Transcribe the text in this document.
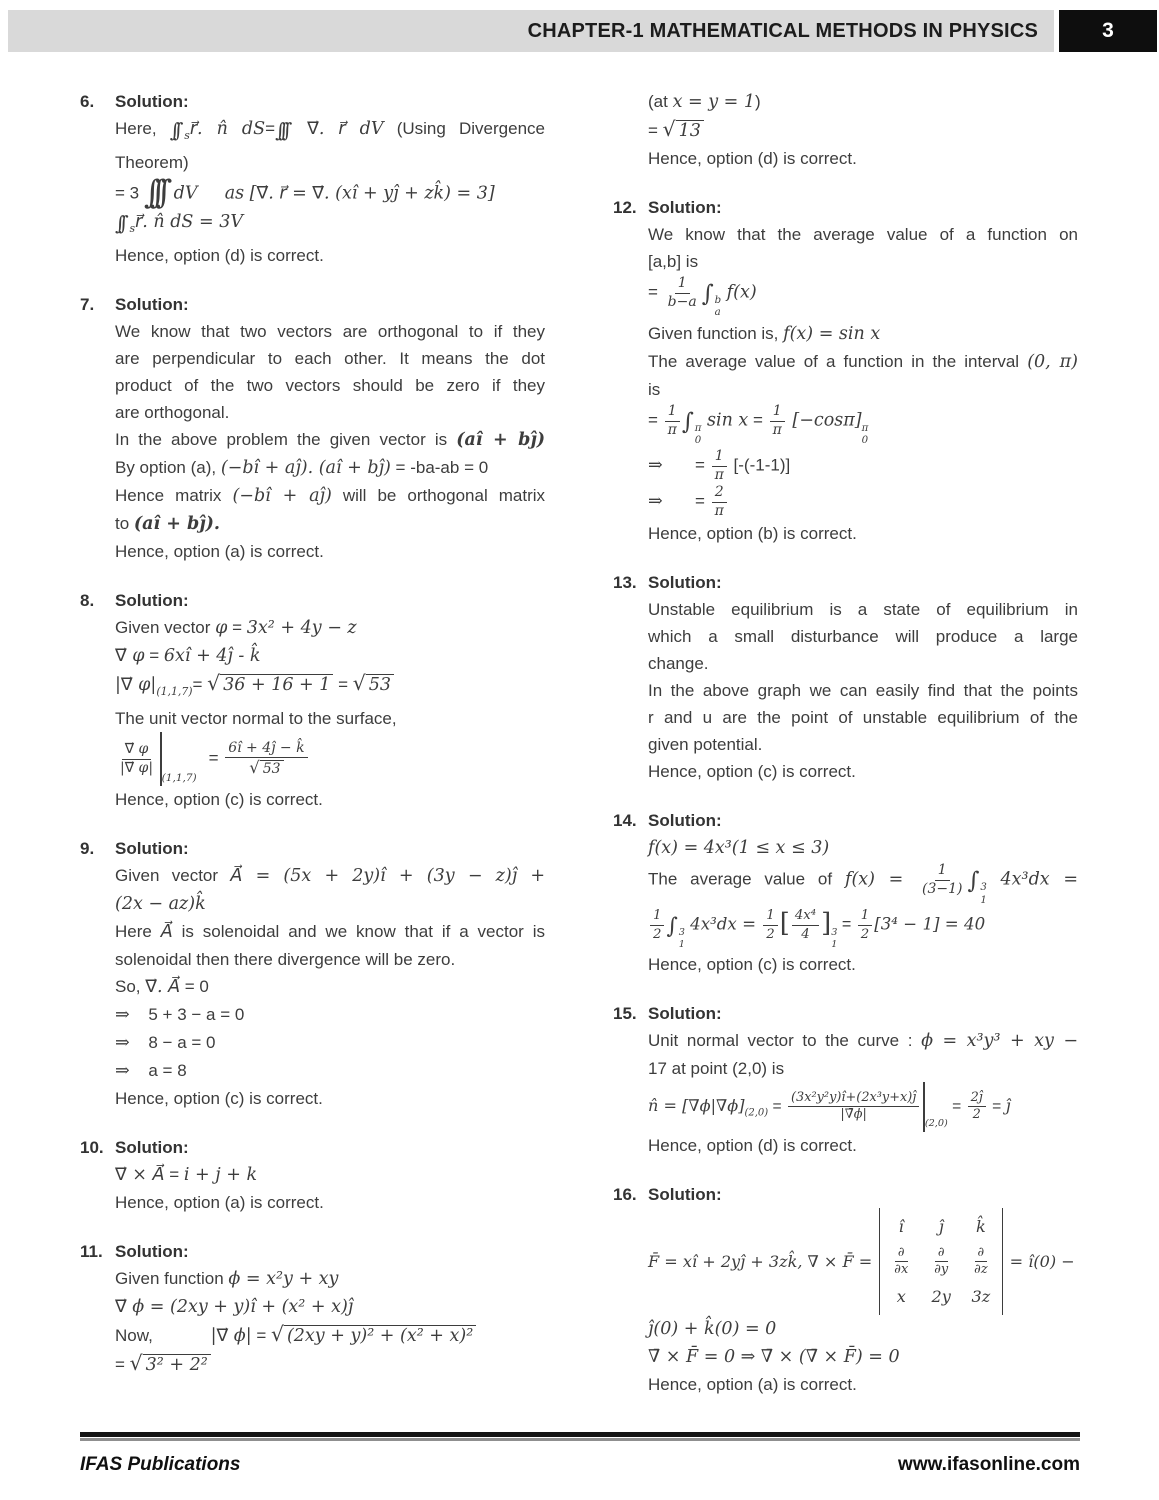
CHAPTER-1 MATHEMATICAL METHODS IN PHYSICS	3
6.	Solution:
Here, ∫∫ $_s$r⃗. n̂ dS=∫∫∫ ∇⃗. r⃗ dV (Using Divergence
Theorem)
= 3 ∫∫∫ dV as [∇⃗. r⃗ = ∇⃗. (xî + yĵ + zk̂) = 3]
∫∫ $_s$r⃗. n̂ dS = 3V
Hence, option (d) is correct.
7.	Solution:
We know that two vectors are orthogonal to if they
are perpendicular to each other. It means the dot
product of the two vectors should be zero if they
are orthogonal.
In the above problem the given vector is (aî + bĵ)
By option (a), (−bî + aĵ). (aî + bĵ) = -ba-ab = 0
Hence matrix (−bî + aĵ) will be orthogonal matrix
to (aî + bĵ).
Hence, option (a) is correct.
8.	Solution:
Given vector φ = 3x² + 4y − z
∇⃗ φ = 6xî + 4ĵ - k̂
|∇⃗ $\varphi|_{(1,1,7)}=$ √ 36 + 16 + 1 = √ 53
The unit vector normal to the surface,
$\frac{\nabla⃗ \varphi}{|\nabla⃗ \varphi|}$
(1,1,7)
= $\frac{6î + 4ĵ - k̂}{√ 53}$
Hence, option (c) is correct.
9.	Solution:
Given vector A⃗ = (5x + 2y)î + (3y − z)ĵ +
(2x − az)k̂
Here A⃗ is solenoidal and we know that if a vector is
solenoidal then there divergence will be zero.
So, ∇⃗. A⃗ = 0
⇒ 5 + 3 − a = 0
⇒ 8 − a = 0
⇒ a = 8
Hence, option (c) is correct.
10. Solution:
∇⃗ × A⃗ = i + j + k
Hence, option (a) is correct.
11. Solution:
Given function ϕ = x²y + xy
∇⃗ ϕ = (2xy + y)î + (x² + x)ĵ
Now,	|∇⃗ ϕ| = √ (2xy + y)² + (x² + x)²
= √ 3² + 2²
(at x = y = 1)
= √ 13
Hence, option (d) is correct.
12. Solution:
We know that the average value of a function on
[a,b] is
= $\frac{1}{b-a}$ ∫ b
a
f(x)
Given function is, f(x) = sin x
The average value of a function in the interval (0, π)
is
= $\frac{1}{\pi}$ ∫ π
0
$\sin x = \frac{1}{\pi} [-\cos\pi]$ π
0
⇒ = $\frac{1}{\pi} [-(-1-1)]$
⇒ = $\frac{2}{\pi}$
Hence, option (b) is correct.
13. Solution:
Unstable equilibrium is a state of equilibrium in
which a small disturbance will produce a large
change.
In the above graph we can easily find that the points
r and u are the point of unstable equilibrium of the
given potential.
Hence, option (c) is correct.
14. Solution:
f(x) = 4x³(1 ≤ x ≤ 3)
The average value of $f(x) = \frac{1}{(3-1)}$ ∫ 3
1
4x³dx =
$\frac{1}{2}$ ∫ 3
1
$4x^3dx = \frac{1}{2}$ [ $\frac{\text{4x⁴}}{4}$ ] 3
1
= $\frac{1}{2} [3^4 - 1] = 40$
Hence, option (c) is correct.
15. Solution:
Unit normal vector to the curve : ϕ = x³y³ + xy −
17 at point (2,0) is
n̂ = $[\nablā\phi|\nablā\phi]_{(2,0)} = \frac{\text{(3x²y²y)î+(2x³y+x)ĵ}}{|\nablā\phi|}$
(2,0)
= $\frac{2ĵ}{2}$ = ĵ
Hence, option (d) is correct.
16. Solution:
F̄ = xî + 2yĵ + 3zk̂, ∇̄ × F̄ =
î ĵ k̂
$\frac{\partial}{\partial x} \frac{\partial}{\partial y} \frac{\partial}{\partial z}$
x 2y 3z
= î(0) −
ĵ(0) + k̂(0) = 0
∇̄ × F̄ = 0 ⇒ ∇̄ × (∇̄ × F̄) = 0
Hence, option (a) is correct.
IFAS Publications	www.ifasonline.com
